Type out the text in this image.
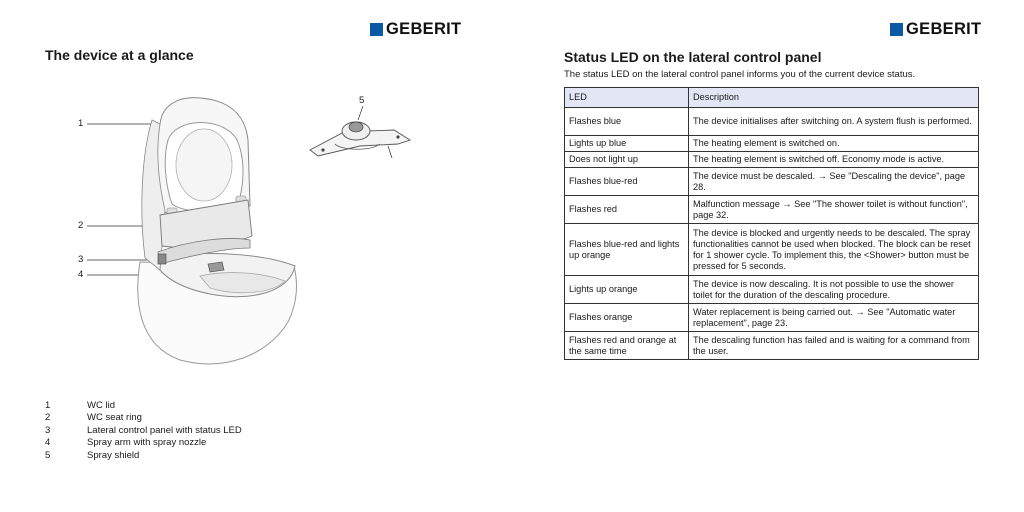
GEBERIT
The device at a glance
1
2
3
4
5
1	WC lid
2	WC seat ring
3	Lateral control panel with status LED
4	Spray arm with spray nozzle
5	Spray shield
GEBERIT
Status LED on the lateral control panel

The status LED on the lateral control panel informs you of the current device status.

LED	Description
Flashes blue	The device initialises after switching on. A system flush is performed.
Lights up blue	The heating element is switched on.
Does not light up	The heating element is switched off. Economy mode is active.
Flashes blue-red	The device must be descaled. → See "Descaling the device", page 28.
Flashes red	Malfunction message → See "The shower toilet is without function", page 32.
Flashes blue-red and lights up orange	The device is blocked and urgently needs to be descaled. The spray functionalities cannot be used when blocked. The block can be reset for 1 shower cycle. To implement this, the <Shower> button must be pressed for 5 seconds.
Lights up orange	The device is now descaling. It is not possible to use the shower toilet for the duration of the descaling procedure.
Flashes orange	Water replacement is being carried out. → See "Automatic water replacement", page 23.
Flashes red and orange at the same time	The descaling function has failed and is waiting for a command from the user.
